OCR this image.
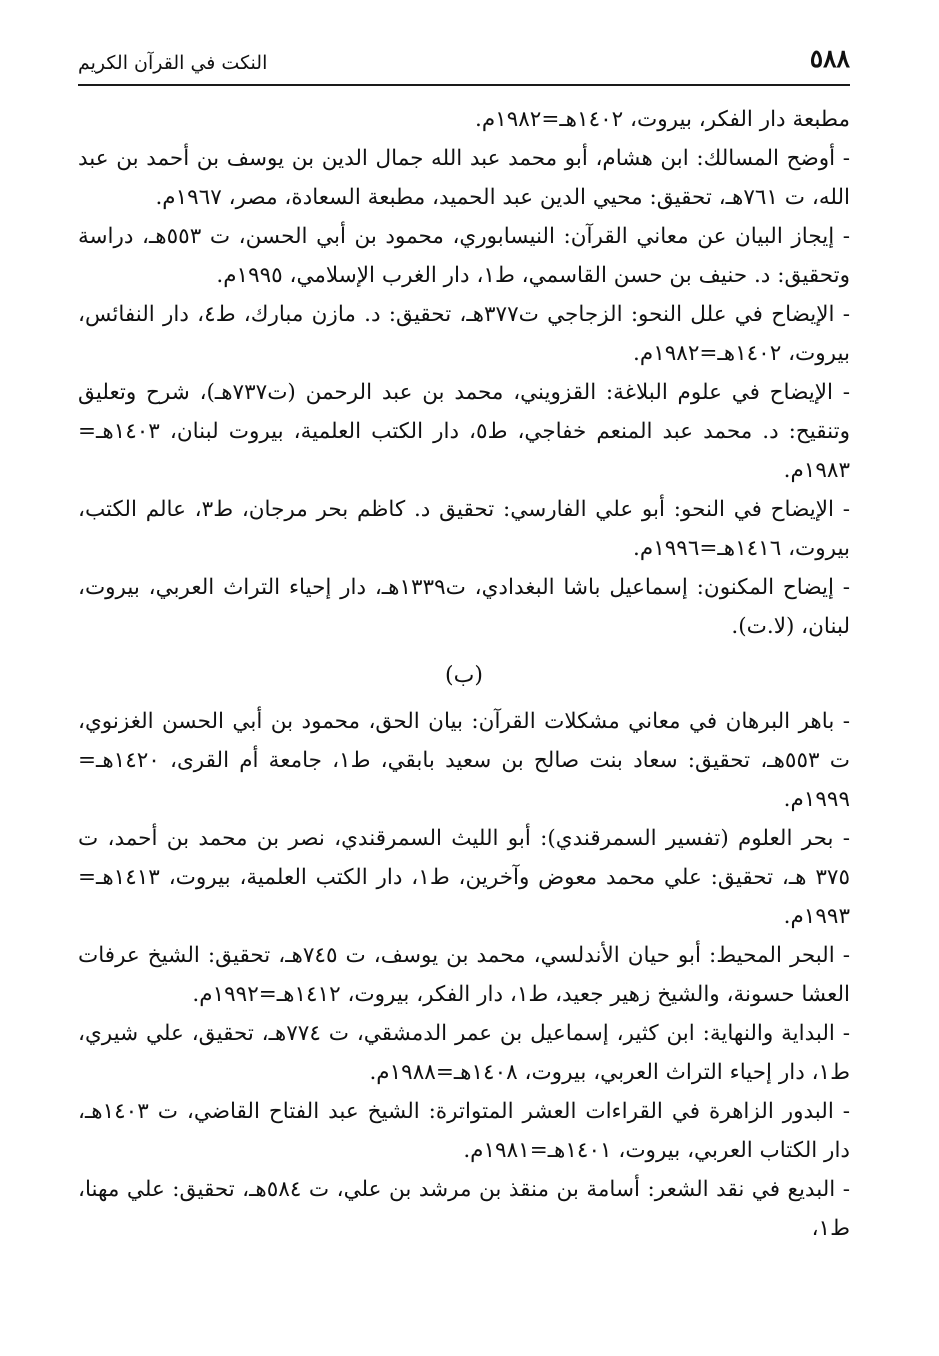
٥٨٨
النكت في القرآن الكريم

مطبعة دار الفكر، بيروت، ١٤٠٢هـ=١٩٨٢م.

- أوضح المسالك: ابن هشام، أبو محمد عبد الله جمال الدين بن يوسف بن أحمد بن عبد الله، ت ٧٦١هـ، تحقيق: محيي الدين عبد الحميد، مطبعة السعادة، مصر، ١٩٦٧م.

- إيجاز البيان عن معاني القرآن: النيسابوري، محمود بن أبي الحسن، ت ٥٥٣هـ، دراسة وتحقيق: د. حنيف بن حسن القاسمي، ط١، دار الغرب الإسلامي، ١٩٩٥م.

- الإيضاح في علل النحو: الزجاجي ت٣٧٧هـ، تحقيق: د. مازن مبارك، ط٤، دار النفائس، بيروت، ١٤٠٢هـ=١٩٨٢م.

- الإيضاح في علوم البلاغة: القزويني، محمد بن عبد الرحمن (ت٧٣٧هـ)، شرح وتعليق وتنقيح: د. محمد عبد المنعم خفاجي، ط٥، دار الكتب العلمية، بيروت لبنان، ١٤٠٣هـ= ١٩٨٣م.

- الإيضاح في النحو: أبو علي الفارسي: تحقيق د. كاظم بحر مرجان، ط٣، عالم الكتب، بيروت، ١٤١٦هـ=١٩٩٦م.

- إيضاح المكنون: إسماعيل باشا البغدادي، ت١٣٣٩هـ، دار إحياء التراث العربي، بيروت، لبنان، (لا.ت).

(ب)

- باهر البرهان في معاني مشكلات القرآن: بيان الحق، محمود بن أبي الحسن الغزنوي، ت ٥٥٣هـ، تحقيق: سعاد بنت صالح بن سعيد بابقي، ط١، جامعة أم القرى، ١٤٢٠هـ= ١٩٩٩م.

- بحر العلوم (تفسير السمرقندي): أبو الليث السمرقندي، نصر بن محمد بن أحمد، ت ٣٧٥ هـ، تحقيق: علي محمد معوض وآخرين، ط١، دار الكتب العلمية، بيروت، ١٤١٣هـ= ١٩٩٣م.

- البحر المحيط: أبو حيان الأندلسي، محمد بن يوسف، ت ٧٤٥هـ، تحقيق: الشيخ عرفات العشا حسونة، والشيخ زهير جعيد، ط١، دار الفكر، بيروت، ١٤١٢هـ=١٩٩٢م.

- البداية والنهاية: ابن كثير، إسماعيل بن عمر الدمشقي، ت ٧٧٤هـ، تحقيق، علي شيري، ط١، دار إحياء التراث العربي، بيروت، ١٤٠٨هـ=١٩٨٨م.

- البدور الزاهرة في القراءات العشر المتواترة: الشيخ عبد الفتاح القاضي، ت ١٤٠٣هـ، دار الكتاب العربي، بيروت، ١٤٠١هـ=١٩٨١م.

- البديع في نقد الشعر: أسامة بن منقذ بن مرشد بن علي، ت ٥٨٤هـ، تحقيق: علي مهنا، ط١،
